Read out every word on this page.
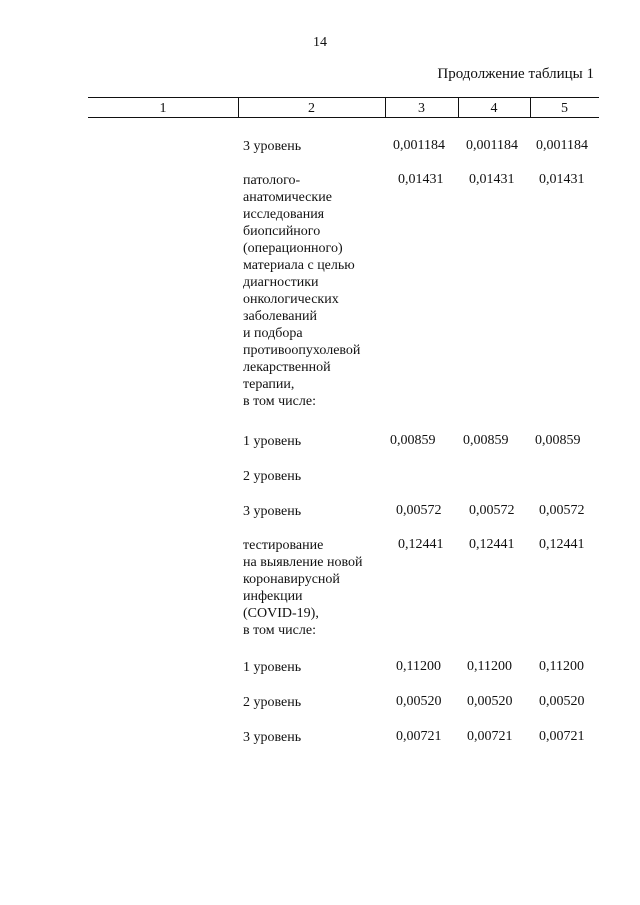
14
Продолжение таблицы 1
1	2	3	4	5
3 уровень	0,001184 0,001184 0,001184
патолого-
анатомические
исследования
биопсийного
(операционного)
материала с целью
диагностики
онкологических
заболеваний
и подбора
противоопухолевой
лекарственной
терапии,
в том числе:
0,01431 0,01431 0,01431
1 уровень	0,00859 0,00859 0,00859
2 уровень
3 уровень	0,00572 0,00572 0,00572
тестирование
на выявление новой
коронавирусной
инфекции
(COVID-19),
в том числе:
0,12441 0,12441 0,12441
1 уровень	0,11200 0,11200 0,11200
2 уровень	0,00520 0,00520 0,00520
3 уровень	0,00721 0,00721 0,00721
